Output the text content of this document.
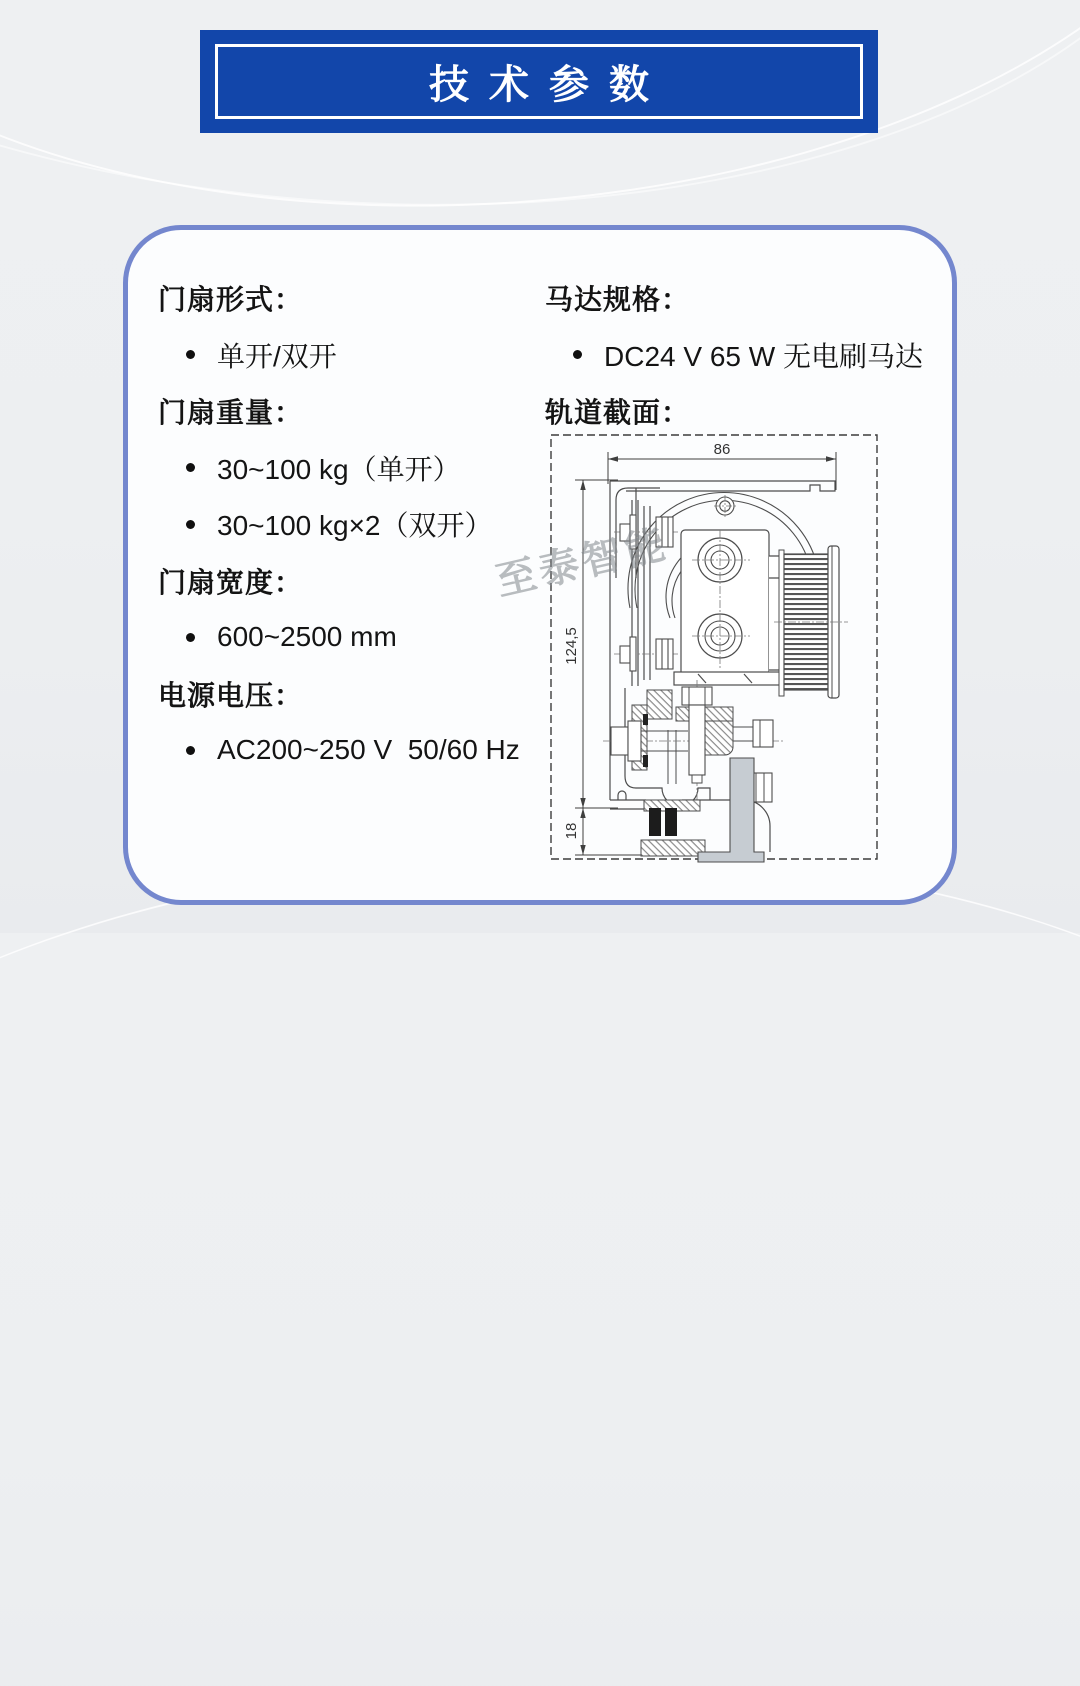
技术参数
门扇形式：
单开/双开
门扇重量：
30~100 kg（单开）
30~100 kg×2（双开）
门扇宽度：
600~2500 mm
电源电压：
AC200~250 V  50/60 Hz
马达规格：
DC24 V 65 W 无电刷马达
轨道截面：
86
124,5
18
至泰智能
